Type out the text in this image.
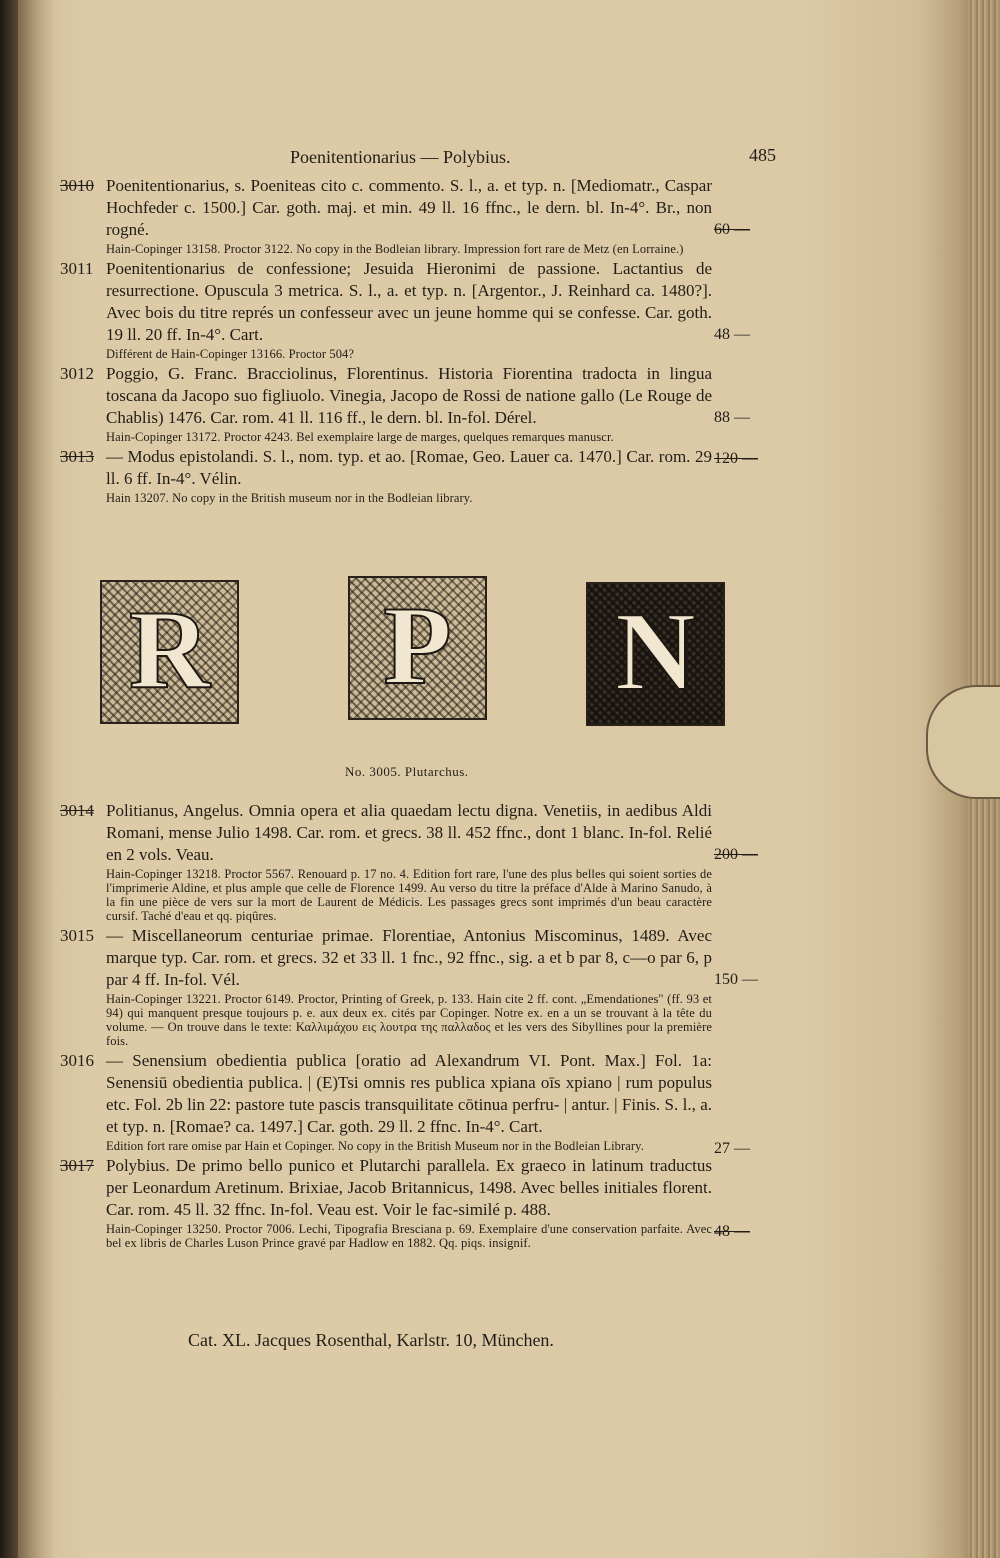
Poenitentionarius — Polybius.	485
3010 Poenitentionarius, s. Poeniteas cito c. commento. S. l., a. et typ. n. [Mediomatr., Caspar Hochfeder c. 1500.] Car. goth. maj. et min. 49 ll. 16 ffnc., le dern. bl. In-4°. Br., non rogné.
Hain-Copinger 13158. Proctor 3122. No copy in the Bodleian library. Impression fort rare de Metz (en Lorraine.)
60 —
3011 Poenitentionarius de confessione; Jesuida Hieronimi de passione. Lactantius de resurrectione. Opuscula 3 metrica. S. l., a. et typ. n. [Argentor., J. Reinhard ca. 1480?]. Avec bois du titre représ un confesseur avec un jeune homme qui se confesse. Car. goth. 19 ll. 20 ff. In-4°. Cart.
Différent de Hain-Copinger 13166. Proctor 504?
48 —
3012 Poggio, G. Franc. Bracciolinus, Florentinus. Historia Fiorentina tradocta in lingua toscana da Jacopo suo figliuolo. Vinegia, Jacopo de Rossi de natione gallo (Le Rouge de Chablis) 1476. Car. rom. 41 ll. 116 ff., le dern. bl. In-fol. Dérel.
Hain-Copinger 13172. Proctor 4243. Bel exemplaire large de marges, quelques remarques manuscr.
88 —
3013 — Modus epistolandi. S. l., nom. typ. et ao. [Romae, Geo. Lauer ca. 1470.] Car. rom. 29 ll. 6 ff. In-4°. Vélin.
Hain 13207. No copy in the British museum nor in the Bodleian library.
120 —
R P N
No. 3005. Plutarchus.
3014 Politianus, Angelus. Omnia opera et alia quaedam lectu digna. Venetiis, in aedibus Aldi Romani, mense Julio 1498. Car. rom. et grecs. 38 ll. 452 ffnc., dont 1 blanc. In-fol. Relié en 2 vols. Veau.
Hain-Copinger 13218. Proctor 5567. Renouard p. 17 no. 4. Edition fort rare, l'une des plus belles qui soient sorties de l'imprimerie Aldine, et plus ample que celle de Florence 1499. Au verso du titre la préface d'Alde à Marino Sanudo, à la fin une pièce de vers sur la mort de Laurent de Médicis. Les passages grecs sont imprimés d'un beau caractère cursif. Taché d'eau et qq. piqûres.
200 —
3015 — Miscellaneorum centuriae primae. Florentiae, Antonius Miscominus, 1489. Avec marque typ. Car. rom. et grecs. 32 et 33 ll. 1 fnc., 92 ffnc., sig. a et b par 8, c—o par 6, p par 4 ff. In-fol. Vél.
Hain-Copinger 13221. Proctor 6149. Proctor, Printing of Greek, p. 133. Hain cite 2 ff. cont. „Emendationes" (ff. 93 et 94) qui manquent presque toujours p. e. aux deux ex. cités par Copinger. Notre ex. en a un se trouvant à la tête du volume. — On trouve dans le texte: Καλλιμάχου εις λουτρα της παλλαδος et les vers des Sibyllines pour la première fois.
150 —
3016 — Senensium obedientia publica [oratio ad Alexandrum VI. Pont. Max.] Fol. 1a: Senensiū obedientia publica. | (E)Tsi omnis res publica xpiana oīs xpiano | rum populus etc. Fol. 2b lin 22: pastore tute pascis transquilitate cōtinua perfru- | antur. | Finis. S. l., a. et typ. n. [Romae? ca. 1497.] Car. goth. 29 ll. 2 ffnc. In-4°. Cart.
Edition fort rare omise par Hain et Copinger. No copy in the British Museum nor in the Bodleian Library.	27 —
3017 Polybius. De primo bello punico et Plutarchi parallela. Ex graeco in latinum traductus per Leonardum Aretinum. Brixiae, Jacob Britannicus, 1498. Avec belles initiales florent. Car. rom. 45 ll. 32 ffnc. In-fol. Veau est. Voir le fac-similé p. 488.
Hain-Copinger 13250. Proctor 7006. Lechi, Tipografia Bresciana p. 69. Exemplaire d'une conservation parfaite. Avec bel ex libris de Charles Luson Prince gravé par Hadlow en 1882. Qq. piqs. insignif.
48 —
Cat. XL. Jacques Rosenthal, Karlstr. 10, München.
